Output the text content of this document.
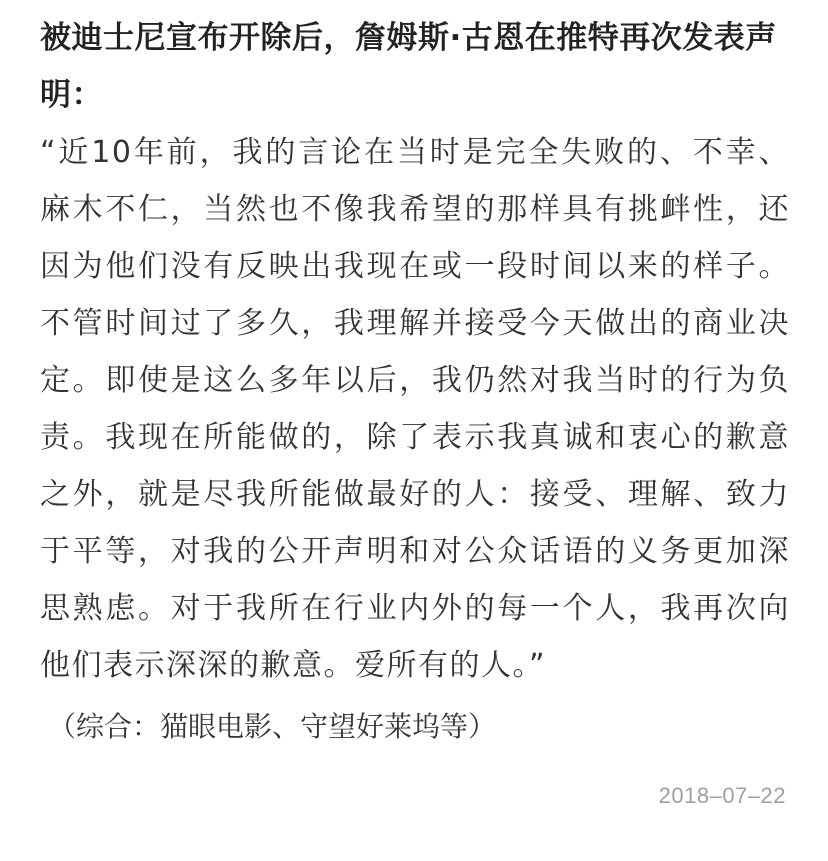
被迪士尼宣布开除后，詹姆斯·古恩在推特再次发表声明：

“近10年前，我的言论在当时是完全失败的、不幸、麻木不仁，当然也不像我希望的那样具有挑衅性，还因为他们没有反映出我现在或一段时间以来的样子。不管时间过了多久，我理解并接受今天做出的商业决定。即使是这么多年以后，我仍然对我当时的行为负责。我现在所能做的，除了表示我真诚和衷心的歉意之外，就是尽我所能做最好的人：接受、理解、致力于平等，对我的公开声明和对公众话语的义务更加深思熟虑。对于我所在行业内外的每一个人，我再次向他们表示深深的歉意。爱所有的人。”

（综合：猫眼电影、守望好莱坞等）

2018–07–22
